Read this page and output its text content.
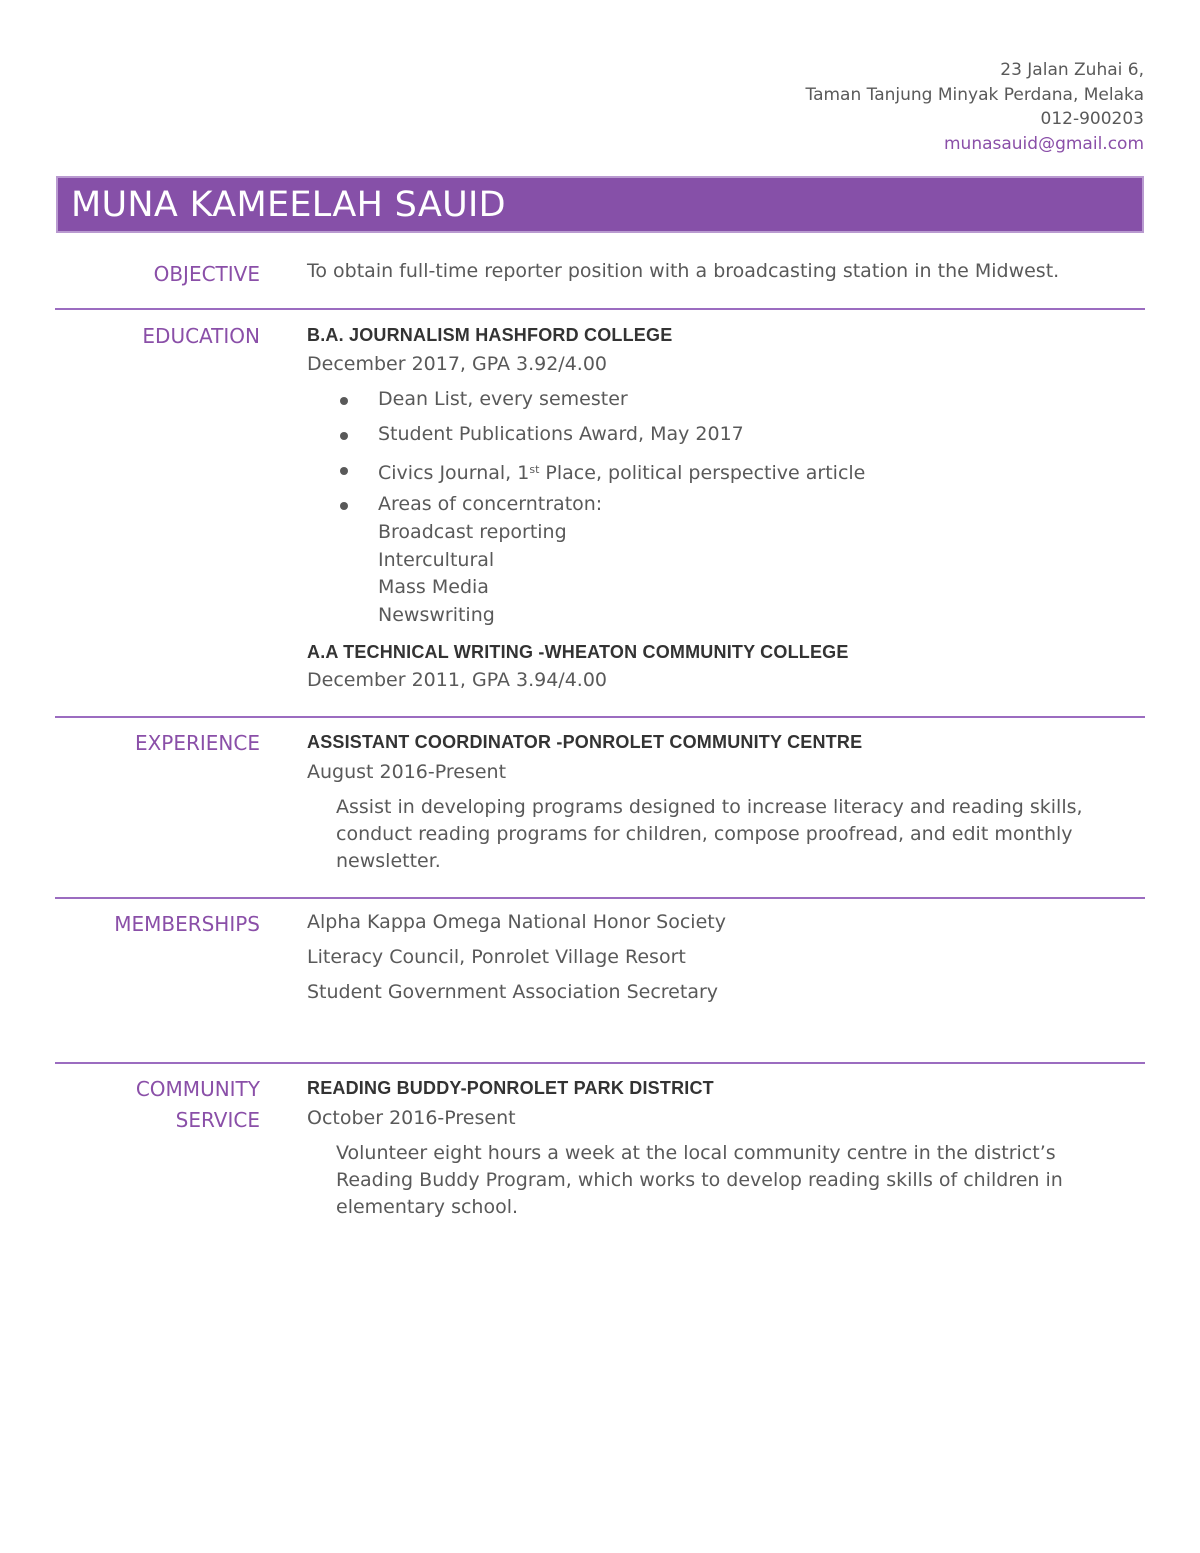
23 Jalan Zuhai 6,
Taman Tanjung Minyak Perdana, Melaka
012-900203
munasauid@gmail.com
MUNA KAMEELAH SAUID
OBJECTIVE To obtain full-time reporter position with a broadcasting station in the Midwest.
EDUCATION	B.A. JOURNALISM HASHFORD COLLEGE
December 2017, GPA 3.92/4.00
Dean List, every semester
Student Publications Award, May 2017
Civics Journal, 1st Place, political perspective article
Areas of concerntraton:
Broadcast reporting
Intercultural
Mass Media
Newswriting
A.A TECHNICAL WRITING -WHEATON COMMUNITY COLLEGE
December 2011, GPA 3.94/4.00
EXPERIENCE	ASSISTANT COORDINATOR -PONROLET COMMUNITY CENTRE
August 2016-Present
Assist in developing programs designed to increase literacy and reading skills,
conduct reading programs for children, compose proofread, and edit monthly
newsletter.
MEMBERSHIPS Alpha Kappa Omega National Honor Society
Literacy Council, Ponrolet Village Resort
Student Government Association Secretary
COMMUNITY
SERVICE
READING BUDDY-PONROLET PARK DISTRICT
October 2016-Present
Volunteer eight hours a week at the local community centre in the district’s
Reading Buddy Program, which works to develop reading skills of children in
elementary school.
